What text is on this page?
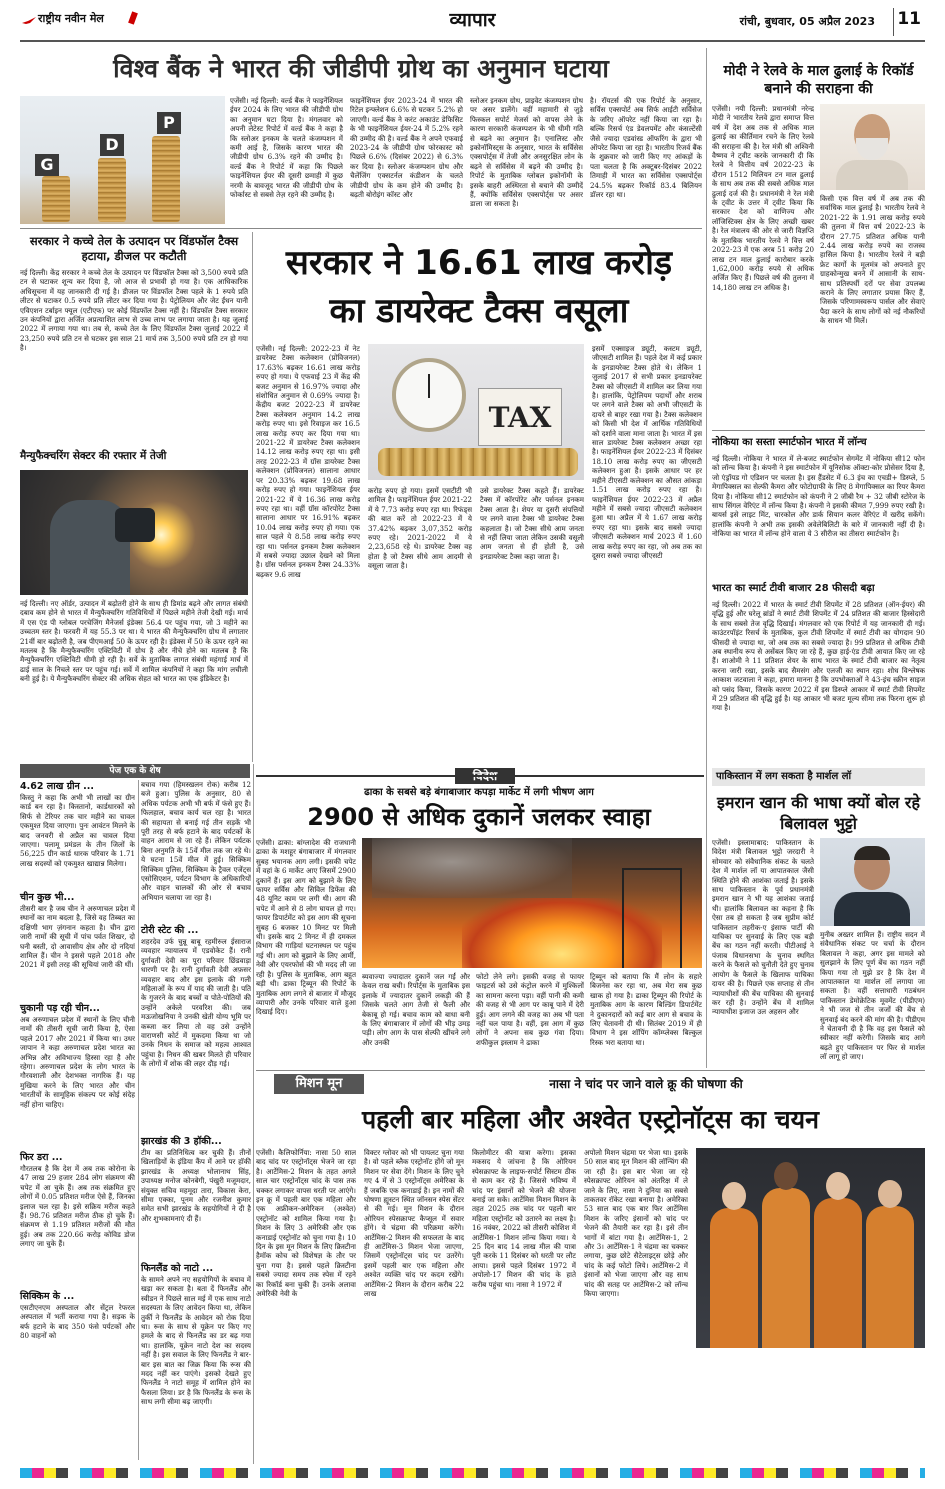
राष्ट्रीय नवीन मेल	व्यापार	रांची, बुधवार, 05 अप्रैल 2023 11
विश्व बैंक ने भारत की जीडीपी ग्रोथ का अनुमान घटाया
G
D
P
एजेंसी। नई दिल्ली: वर्ल्ड बैंक ने फाइनेंशियल ईयर 2024 के लिए भारत की जीडीपी ग्रोथ का अनुमान घटा दिया है। मंगलवार को अपनी लेटेस्ट रिपोर्ट में वर्ल्ड बैंक ने कहा है कि स्लोअर इनकम के चलते कंजम्पशन में कमी आई है, जिसके कारण भारत की जीडीपी ग्रोथ 6.3% रहने की उम्मीद है। वर्ल्ड बैंक ने रिपोर्ट में कहा कि पिछले फाइनेंशियल ईयर की दूसरी छमाही में कुछ नरमी के बावजूद भारत की जीडीपी ग्रोथ के फोर्कास्ट से सबसे तेज़ रहने की उम्मीद है।
फाइनेंशियल ईयर 2023-24 में भारत की रिटेल इन्फ्लेशन 6.6% से घटकर 5.2% हो जाएगी। वर्ल्ड बैंक ने करंट अकाउंट डेफिसिट के भी फाइनेंशियल ईयर-24 में 5.2% रहने की उम्मीद की है। वर्ल्ड बैंक ने अपने एफवाई 2023-24 के जीडीपी ग्रोथ फोरकास्ट को पिछले 6.6% (दिसंबर 2022) से 6.3% कर दिया है। स्लोअर कंजम्पशन ग्रोथ और चैलेंजिंग एक्सटर्नल कंडीशन के चलते जीडीपी ग्रोथ के कम होने की उम्मीद है। बढ़ती बोरोइंग कॉस्ट और
स्लोअर इनकम ग्रोथ, प्राइवेट कंजम्पशन ग्रोथ पर असर डालेंगे। वहीं महामारी से जुड़े फिस्कल सपोर्ट मेजर्स को वापस लेने के कारण सरकारी कंजम्पशन के भी धीमी गति से बढ़ने का अनुमान है। एनालिस्ट और इकोनॉमिस्ट्स के अनुसार, भारत के सर्विसेस एक्सपोर्ट्स में तेजी और अनसुरक्षित लोन के बढ़ने से सर्विसेस में बढ़ने की उम्मीद है। रिपोर्ट के मुताबिक ग्लोबल इकोनॉमी के इसके बाहरी अस्थिरता से बचाने की उम्मीदें हैं, क्योंकि सर्विसेस एक्सपोर्ट्स पर असर डाला जा सकता है।
है। रॉयटर्स की एक रिपोर्ट के अनुसार, सर्विस एक्सपोर्ट अब सिर्फ आईटी सर्विसेज के जरिए ऑपरेट नहीं किया जा रहा है। बल्कि रिसर्च एंड डेवलपमेंट और कंसल्टेंसी जैसे ज्यादा एडवांस्ड ऑफरिंग के द्वारा भी ऑपरेट किया जा रहा है। भारतीय रिजर्व बैंक के शुक्रवार को जारी किए गए आंकड़ों के पता चलता है कि अक्टूबर-दिसंबर 2022 तिमाही में भारत का सर्विसेस एक्सपोर्ट्स 24.5% बढ़कर रिकॉर्ड 83.4 बिलियन डॉलर रहा था।
मोदी ने रेलवे के माल ढुलाई के रिकॉर्ड बनाने की सराहना की
एजेंसी। नयी दिल्ली: प्रधानमंत्री नरेन्द्र मोदी ने भारतीय रेलवे द्वारा समाप्त वित्त वर्ष में देश अब तक से अधिक माल ढुलाई का कीर्तिमान रचने के लिए रेलवे की सराहना की है। रेल मंत्री श्री अश्विनी वैष्णव ने ट्वीट करके जानकारी दी कि रेलवे ने वित्तीय वर्ष 2022-23 के दौरान 1512 मिलियन टन माल ढुलाई के साथ अब तक की सबसे अधिक माल ढुलाई दर्ज की है। प्रधानमंत्री ने रेल मंत्री के ट्वीट के उत्तर में ट्वीट किया कि सरकार देश को वाणिज्य और लॉजिस्टिक्स क्षेत्र के लिए अच्छी खबर है। रेल मंत्रालय की ओर से जारी विज्ञप्ति के मुताबिक भारतीय रेलवे ने वित्त वर्ष 2022-23 में एक अरब 51 करोड़ 20 लाख टन माल ढुलाई कारोबार करके 1,62,000 करोड़ रुपये से अधिक अर्जित किए हैं। पिछले वर्ष की तुलना में 14,180 लाख टन अधिक है।
किसी एक वित्त वर्ष में अब तक की सर्वाधिक माल ढुलाई है। भारतीय रेलवे ने 2021-22 के 1.91 लाख करोड़ रुपये की तुलना में वित्त वर्ष 2022-23 के दौरान 27.75 प्रतिशत अधिक यानी 2.44 लाख करोड़ रुपये का राजस्व हासिल किया है। भारतीय रेलवे ने बड़ी फ्रेट कार्गो के मूलमंत्र को अपनाते हुए ग्राहकोन्मुख बनने में आसानी के साथ-साथ प्रतिस्पर्धी दरों पर सेवा उपलब्ध कराने के लिए लगातार प्रयास किए हैं, जिसके परिणामस्वरूप पार्सल और सेवाएं पैदा करने के साथ लोगों को नई नौकरियों के साधन भी मिलें।
सरकार ने कच्चे तेल के उत्पादन पर विंडफॉल टैक्स हटाया, डीजल पर कटौती
नई दिल्ली। केंद्र सरकार ने कच्चे तेल के उत्पादन पर विंडफॉल टैक्स को 3,500 रुपये प्रति टन से घटाकर शून्य कर दिया है, जो आज से प्रभावी हो गया है। एक आधिकारिक अधिसूचना में यह जानकारी दी गई है। डीजल पर विंडफॉल टैक्स पहले के 1 रुपये प्रति लीटर से घटाकर 0.5 रुपये प्रति लीटर कर दिया गया है। पेट्रोलियम और जेट ईंधन यानी एविएशन टर्बाइन फ्यूल (एटीएफ) पर कोई विंडफॉल टैक्स नहीं है। विंडफॉल टैक्स सरकार उन कंपनियों द्वारा अर्जित अप्रत्याशित लाभ से उच्च लाभ पर लगाया जाता है। यह जुलाई 2022 में लगाया गया था। तब से, कच्चे तेल के लिए विंडफॉल टैक्स जुलाई 2022 में 23,250 रुपये प्रति टन से घटकर इस साल 21 मार्च तक 3,500 रुपये प्रति टन हो गया है।
मैन्युफैक्चरिंग सेक्टर की रफ्तार में तेजी
नई दिल्ली। नए ऑर्डर, उत्पादन में बढ़ोतरी होने के साथ ही डिमांड बढ़ने और लागत संबंधी दबाव कम होने से भारत में मैन्युफैक्चरिंग गतिविधियों में पिछले महीने तेजी देखी गई। मार्च में एस एंड पी ग्लोबल परचेजिंग मैनेजर्स इंडेक्स 56.4 पर पहुंच गया, जो 3 महीने का उच्चतम स्तर है। फरवरी में यह 55.3 पर था। ये भारत की मैन्युफैक्चरिंग ग्रोथ में लगातार 21वीं बार बढ़ोतरी है, जब पीएमआई 50 के ऊपर रही है। इंडेक्स में 50 के ऊपर रहने का मतलब है कि मैन्युफैक्चरिंग एक्टिविटी में ग्रोथ है और नीचे होने का मतलब है कि मैन्युफैक्चरिंग एक्टिविटी धीमी हो रही है। सर्वे के मुताबिक लागत संबंधी महंगाई मार्च में ढाई साल के निचले स्तर पर पहुंच गई। सर्वे में शामिल कंपनियों ने कहा कि मांग लचीली बनी हुई है। ये मैन्युफैक्चरिंग सेक्टर की अधिक सेहत को भारत का एक इंडिकेटर है।
सरकार ने 16.61 लाख करोड़
का डायरेक्ट टैक्स वसूला
एजेंसी। नई दिल्ली: 2022-23 में नेट डायरेक्ट टैक्स कलेक्शन (प्रोविजनल) 17.63% बढ़कर 16.61 लाख करोड़ रुपए हो गया। ये एफवाई 23 में केंद्र की बजट अनुमान से 16.97% ज्यादा और संशोधित अनुमान से 0.69% ज्यादा है। केंद्रीय बजट 2022-23 में डायरेक्ट टैक्स कलेक्शन अनुमान 14.2 लाख करोड़ रुपए था। इसे रिवाइज कर 16.5 लाख करोड़ रुपए कर दिया गया था। 2021-22 में डायरेक्ट टैक्स कलेक्शन 14.12 लाख करोड़ रुपए रहा था। इसी तरह 2022-23 में ग्रॉस डायरेक्ट टैक्स कलेक्शन (प्रोविजनल) सालाना आधार पर 20.33% बढ़कर 19.68 लाख करोड़ रुपए हो गया। फाइनेंशियल ईयर 2021-22 में ये 16.36 लाख करोड़ रुपए रहा था। वहीं ग्रॉस कॉरपोरेट टैक्स सालाना आधार पर 16.91% बढ़कर 10.04 लाख करोड़ रुपए हो गया। एक साल पहले ये 8.58 लाख करोड़ रुपए रहा था। पर्सनल इनकम टैक्स कलेक्शन में सबसे ज्यादा उछाल देखने को मिला है। ग्रॉस पर्सनल इनकम टैक्स 24.33% बढ़कर 9.6 लाख
TAX
करोड़ रुपए हो गया। इसमें एसटीटी भी शामिल है। फाइनेंशियल ईयर 2021-22 में ये 7.73 करोड़ रुपए रहा था। रिफंड्स की बात करें तो 2022-23 में ये 37.42% बढ़कर 3,07,352 करोड़ रुपए रहे। 2021-2022 में ये 2,23,658 रहे थे। डायरेक्ट टैक्स वह होता है जो टैक्स सीधे आम आदमी से वसूला जाता है।
उसे डायरेक्ट टैक्स कहते हैं। डायरेक्ट टैक्स में कॉरपोरेट और पर्सनल इनकम टैक्स आता है। शेयर या दूसरी संपत्तियों पर लगने वाला टैक्स भी डायरेक्ट टैक्स कहलाता है। जो टैक्स सीधे आम जनता से नहीं लिया जाता लेकिन उसकी वसूली आम जनता से ही होती है, उसे इनडायरेक्ट टैक्स कहा जाता है।
इसमें एक्साइज ड्यूटी, कस्टम ड्यूटी, जीएसटी शामिल हैं। पहले देश में कई प्रकार के इनडायरेक्ट टैक्स होते थे। लेकिन 1 जुलाई 2017 से सभी प्रकार इनडायरेक्ट टैक्स को जीएसटी में शामिल कर लिया गया है। हालांकि, पेट्रोलियम पदार्थों और शराब पर लगने वाले टैक्स को अभी जीएसटी के दायरे से बाहर रखा गया है। टैक्स कलेक्शन को किसी भी देश में आर्थिक गतिविधियों को दर्शाने वाला माना जाता है। भारत में इस साल डायरेक्ट टैक्स कलेक्शन अच्छा रहा है। फाइनेंशियल ईयर 2022-23 में दिसंबर 18.10 लाख करोड़ रुपए का जीएसटी कलेक्शन हुआ है। इसके आधार पर हर महीने टीएसटी कलेक्शन का औसत आंकड़ा 1.51 लाख करोड़ रुपए रहा है। फाइनेंशियल ईयर 2022-23 में अप्रैल महीने में सबसे ज्यादा जीएसटी कलेक्शन हुआ था। अप्रैल में ये 1.67 लाख करोड़ रुपए रहा था। इसके बाद सबसे ज्यादा जीएसटी कलेक्शन मार्च 2023 में 1.60 लाख करोड़ रुपए का रहा, जो अब तक का दूसरा सबसे ज्यादा जीएसटी
नोकिया का सस्ता स्मार्टफोन भारत में लॉन्च
नई दिल्ली। नोकिया ने भारत में ले-बजट स्मार्टफोन सेगमेंट में नोकिया सी12 फोन को लॉन्च किया है। कंपनी ने इस स्मार्टफोन में यूनिसोक ऑक्टा-कोर प्रोसेसर दिया है, जो एंड्रॉयड गो एडिशन पर चलता है। इस हैंडसेट में 6.3 इंच का एचडी+ डिस्प्ले, 5 मेगापिक्सल का सेल्फी कैमरा और फोटोग्राफी के लिए 8 मेगापिक्सल का रियर कैमरा दिया है। नोकिया सी12 स्मार्टफोन को कंपनी ने 2 जीबी रैम + 32 जीबी स्टोरेज के साथ सिंगल वेरिएंट में लॉन्च किया है। कंपनी ने इसकी कीमत 7,999 रुपए रखी है। बायर्स इसे लाइट मिंट, चारकोल और डार्क सियान कलर वेरिएंट में खरीद सकेंगे। हालांकि कंपनी ने अभी तक इसकी अवेलेबिलिटी के बारे में जानकारी नहीं दी है। नोकिया का भारत में लॉन्च होने वाला ये 3 सीरीज का तीसरा स्मार्टफोन है।
भारत का स्मार्ट टीवी बाजार 28 फीसदी बढ़ा
नई दिल्ली। 2022 में भारत के स्मार्ट टीवी शिपमेंट में 28 प्रतिशत (ऑन-ईयर) की वृद्धि हुई और घरेलू ब्रांडों ने स्मार्ट टीवी शिपमेंट में 24 प्रतिशत की बाजार हिस्सेदारी के साथ सबसे तेज वृद्धि दिखाई। मंगलवार को एक रिपोर्ट में यह जानकारी दी गई। काउंटरपॉइंट रिसर्च के मुताबिक, कुल टीवी शिपमेंट में स्मार्ट टीवी का योगदान 90 फीसदी से ज्यादा था, जो अब तक का सबसे ज्यादा है। 99 प्रतिशत से अधिक टीवी अब स्थानीय रूप से असेंबल किए जा रहे हैं, कुछ हाई-एंड टीवी आयात किए जा रहे हैं। शाओमी ने 11 प्रतिशत शेयर के साथ भारत के स्मार्ट टीवी बाजार का नेतृत्व करना जारी रखा, इसके बाद सैमसंग और एलजी का स्थान रहा। शोध विश्लेषक आकाश जटवाला ने कहा, हमारा मानना है कि उपभोक्ताओं ने 43-इंच स्क्रीन साइज को पसंद किया, जिसके कारण 2022 में इस डिस्प्ले आकार में स्मार्ट टीवी शिपमेंट में 29 प्रतिशत की वृद्धि हुई है। यह आकार भी बजट मूल्य सीमा तक फिरना शुरू हो गया है।
पेज एक के शेष
4.62 लाख ग्रीन ...
किस्तु ने कहा कि अभी भी लाखों का ग्रीन कार्ड बन रहा है। किस्तानो, कार्डधारकों को सिर्फ से टेरियर तक चार महीने का चावल एकमुश्त दिया जाएगा। पुनः आवंटन मिलने के बाद जनवरी से अप्रैल का चावल दिया जाएगा। पलामू प्रमंडल के तीन जिलों के 56,225 ग्रीन कार्ड धारक परिवार के 1.71 लाख सदस्यों को एकमुश्त खाद्यान्न मिलेगा।
चीन कुछ भी...
तीसरी बार है जब चीन ने अरुणाचल प्रदेश में स्थानों का नाम बदला है, जिसे वह तिब्बत का दक्षिणी भाग ज़ंगनान कहता है। चीन द्वारा जारी नामों की सूची में पांच पर्वत शिखर, दो घनी बस्ती, दो आवासीय क्षेत्र और दो नदियां शामिल हैं। चीन ने इससे पहले 2018 और 2021 में इसी तरह की सूचियां जारी की थीं।
चुकानी पड़ रही चीन...
अब अरुणाचल प्रदेश में स्थानों के लिए चीनी नामों की तीसरी सूची जारी किया है, ऐसा पहले 2017 और 2021 में किया था। उधर जापान ने कहा अरुणाचल प्रदेश भारत का अभिन्न और अविभाज्य हिस्सा रहा है और रहेगा। अरुणाचल प्रदेश के लोग भारत के गौरवशाली और देशभक्त नागरिक हैं। यह मुखिया करने के लिए भारत और चीन भारतीयों के सामूहिक संकल्प पर कोई संदेह नहीं होना चाहिए।
फिर डरा ...
गौरतलब है कि देश में अब तक कोरोना के 47 लाख 29 हजार 284 लोग संक्रमण की चपेट में आ चुके हैं। अब तक संक्रमित हुए लोगों में 0.05 प्रतिशत मरीज ऐसे हैं, जिनका इलाज चल रहा है। इसे सक्रिय मरीज कहते हैं। 98.76 प्रतिशत मरीज ठीक हो चुके हैं। संक्रमण से 1.19 प्रतिशत मरीजों की मौत हुई। अब तक 220.66 करोड़ कोविड डोज लगाए जा चुके हैं।
सिक्किम के ...
एसटीएनएम अस्पताल और सेंट्रल रेफरल अस्पताल में भर्ती कराया गया है। सड़क के बर्फ हटाने के बाद 350 फंसे पर्यटकों और 80 वाहनों को
बचाव गया (हिमस्खलन रोक) करीब 12 बजे हुआ। पुलिस के अनुसार, 80 से अधिक पर्यटक अभी भी बर्फ में फंसे हुए हैं। फिलहाल, बचाव कार्य चल रहा है। भारत की सहायता से बनाई गई तीन सड़कें भी पूरी तरह से बर्फ हटाने के बाद पर्यटकों के वाहन आराम से जा रहे हैं। लेकिन पर्यटक बिना अनुमति के 15वें मील तक जा रहे थे। ये घटना 15वें मील में हुई। सिक्किम सिक्किम पुलिस, सिक्किम के ट्रैवल एजेंट्स एसोसिएशन, पर्यटन विभाग के अधिकारियों और वाहन चालकों की ओर से बचाव अभियान चलाया जा रहा है।
टोरी स्टेट की ...
शहरदेव उर्फ चुन्नू बाबू रहमीरुल ईसाराज व्यवहार न्यायालय में एडवोकेट हैं। रानी दुर्गावती देवी का पूरा परिवार छिंडवाड़ा धारणी पर है। रानी दुर्गावती देवी अफ़सर व्यवहार बाद और इस इलाके की गली महिलाओं के रूप में याद की जाती है। पति के गुजरने के बाद बच्चों व पोते-पोतियों की उन्होंने अकेले परवरिश की। जब मऊजोखनिया ने उनकी खेती योग्य भूमि पर कब्जा कर लिया तो वह उसे उन्होंने वाराणसी कोर्ट में मुकदमा किया था जो उनके निधन के समाज को महत्व आश्वत पहुंचा है। निधन की खबर मिलते ही परिवार के लोगों में शोक की लहर दौड़ गई।
झारखंड की 3 हॉकी...
टीम का प्रतिनिधित्व कर चुकी हैं। तीनों खिलाड़ियों के इंडिया कैंप में आने पर हॉकी झारखंड के अध्यक्ष भोलानाथ सिंह, उपाध्यक्ष मनोज कोनबेगी, पंखुरी मजूमदार, संयुक्त सचिव महमूदा तारा, विकास केरा, सीमा एक्का, पूनम और रजनीश कुमार समेत सभी झारखंड के सहयोगियों ने दी है और शुभकामनाएं दी हैं।
फिनलैंड को नाटो ...
के सामने अपने नए सहयोगियों के बचाव में खड़ा कर सकता है। बता दें फिनलैंड और स्वीडन ने पिछले साल मई में एक साथ नाटो सदस्यता के लिए आवेदन किया था, लेकिन तुर्की ने फिनलैंड के आवेदन को रोक दिया था। रूस के साथ से यूक्रेन पर किए गए हमले के बाद से फिनलैंड का डर बढ़ गया था। हालांकि, यूक्रेन नाटो देश का सदस्य नहीं है। इस सवाल के लिए फिनलैंड ने बार-बार इस बात का जिक्र किया कि रूस की मदद नहीं कर पाएंगे। इसको देखते हुए फिनलैंड ने नाटो समूह में शामिल होने का फैसला लिया। डर है कि फिनलैंड के रूस के साथ लगी सीमा बढ़ जाएगी।
ढाका के सबसे बड़े बंगाबाजार कपड़ा मार्केट में लगी भीषण आग
2900 से अधिक दुकानें जलकर स्वाहा
एजेंसी। ढाका: बांग्लादेश की राजधानी ढाका के मशहूर बंगाबाजार में मंगलवार सुबह भयानक आग लगी। इसकी चपेट में वहां के 6 मार्केट आए जिसमें 2900 दुकानें हैं। इस आग को बुझाने के लिए फायर सर्विस और सिविल डिफेंस की 48 यूनिट काम पर लगी थी। आग की चपेट में आने से 8 लोग घायल हो गए। फायर डिपार्टमेंट को इस आग की सूचना सुबह 6 बजकर 10 मिनट पर मिली थी। इसके बाद 2 मिनट में ही दमकल विभाग की गाड़ियां घटनास्थल पर पहुंच गई थी। आग को बुझाने के लिए आर्मी, नेवी और एयरफोर्स की भी मदद ली जा रही है। पुलिस के मुताबिक, आग बहुत बड़ी थी। ढाका ट्रिब्यून की रिपोर्ट के मुताबिक आग लगने से बाजार में मौजूद व्यापारी और उनके परिवार वाले हुआ दिखाई दिए।
ब्यवाज्या ज्यादातर दुकानें जल गईं और केवल राख बची। रिपोर्ट्स के मुताबिक इस इलाके में ज्यादातर दुकानें लकड़ी की हैं जिसके चलते आग तेजी से फैली और बेकाबू हो गई। बचाव काम को बाधा बनी के लिए बंगाबाजार में लोगों की भीड़ उमड़ पड़ी। लोग आग के पास सेल्फी खींचने लगे और उनकी
फोटो लेने लगे। इसकी वजह से फायर फाइटर्स को उसे कंट्रोल करने में मुश्किलों का सामना करना पड़ा। वहीं पानी की कमी की वजह से भी आग पर काबू पाने में देरी हुई। आग लगने की वजह का अब भी पता नहीं चल पाया है। वहीं, इस आग में कुछ लोगों ने अपना सब कुछ गंवा दिया। शफीकुल इस्लाम ने ढाका
ट्रिब्यून को बताया कि मैं लोन के सहारे बिजनेस कर रहा था, अब मेरा सब कुछ खाक हो गया है। ढाका ट्रिब्यून की रिपोर्ट के मुताबिक आग के कारण बिल्डिंग डिपार्टमेंट ने दुकानदारों को कई बार आग से बचाव के लिए चेतावनी दी थी। सितंबर 2019 में ही विभाग ने इस शॉपिंग कॉम्प्लेक्स बिल्कुल रिस्क भरा बताया था।
पाकिस्तान में लग सकता है मार्शल लॉ
इमरान खान की भाषा क्यों बोल रहे बिलावल भुट्टो
एजेंसी। इस्लामाबाद: पाकिस्तान के विदेश मंत्री बिलावल भुट्टो जरदारी ने सोमवार को संवैधानिक संकट के चलते देश में मार्शल लॉ या आपातकाल जैसी स्थिति होने की आशंका जताई है। इसके साथ पाकिस्तान के पूर्व प्रधानमंत्री इमरान खान ने भी यह आशंका जताई थी। हालांकि बिलावल का कहना है कि ऐसा तब हो सकता है जब सुप्रीम कोर्ट पाकिस्तान तहरीक-ए इंसाफ पार्टी की याचिका पर सुनवाई के लिए एक बड़ी बेंच का गठन नहीं करती। पीटीआई ने पंजाब विधानसभा के चुनाव स्थगित करने के फैसले को चुनौती देते हुए चुनाव आयोग के फैसले के खिलाफ याचिका दायर की है। पिछले एक सप्ताह से तीन न्यायाधीशों की बेंच याचिका की सुनवाई कर रही है। उन्होंने बेंच में शामिल न्यायाधीश इजाज उल अहसन और
मुनीब अख्तर शामिल हैं। राष्ट्रीय सदन में संवैधानिक संकट पर चर्चा के दौरान बिलावल ने कहा, अगर इस मामले को सुलझाने के लिए पूर्ण बेंच का गठन नहीं किया गया तो मुझे डर है कि देश में आपातकाल या मार्शल लॉ लगाया जा सकता है। वहीं सत्ताधारी गठबंधन पाकिस्तान डेमोक्रेटिक मूवमेंट (पीडीएम) ने भी जज से तीन जजों की बेंच से सुनवाई बंद करने की मांग की है। पीडीएम ने चेतावनी दी है कि वह इस फैसले को स्वीकार नहीं करेगी। जिसके बाद आगे बढ़ते हुए पाकिस्तान पर फिर से मार्शल लॉ लागू हो जाए।
मिशन मून	नासा ने चांद पर जाने वाले क्रू की घोषणा की
पहली बार महिला और अश्वेत एस्ट्रोनॉट्स का चयन
एजेंसी। कैलिफोर्निया: नासा 50 साल बाद चांद पर एस्ट्रोनॉट्स भेजने जा रहा है। आर्टेमिस-2 मिशन के तहत अगले साल चार एस्ट्रोनॉट्स चांद के पास तक चक्कर लगाकर वापस धरती पर आएंगे। इन क्रू में पहली बार एक महिला और एक अफ्रीकन-अमेरिकन (अश्वेत) एस्ट्रोनॉट को शामिल किया गया है। मिशन के लिए 3 अमेरिकी और एक कनाडाई एस्ट्रोनॉट को चुना गया है। 10 दिन के इस मून मिशन के लिए क्रिस्टीना हैमॉक कोच को विशेषज्ञ के तौर पर चुना गया है। इससे पहले क्रिस्टीना सबसे ज्यादा समय तक स्पेस में रहने का रिकॉर्ड बना चुकी हैं। उनके अलावा अमेरिकी नेवी के
विक्टर ग्लोवर को भी पायलट चुना गया है। वो पहले ब्लैक एस्ट्रोनॉट होंगे जो मून मिशन पर सेवा देंगे। मिशन के लिए चुने गए 4 में से 3 एस्ट्रोनॉट्स अमेरिका के हैं जबकि एक कनाडाई है। इन नामों की घोषणा ह्यूस्टन स्थित जॉनसन स्पेस सेंटर से की गई। मून मिशन के दौरान ओरियन स्पेसक्राफ्ट कैप्सूल में सवार होंगे। ये चंद्रमा की परिक्रमा करेंगे। आर्टेमिस-2 मिशन की सफलता के बाद ही आर्टेमिस-3 मिशन भेजा जाएगा, जिसमें एस्ट्रोनॉट्स चांद पर उतरेंगे। इसमें पहली बार एक महिला और अश्वेत व्यक्ति चांद पर कदम रखेंगे। आर्टेमिस-2 मिशन के दौरान करीब 22 लाख
किलोमीटर की यात्रा करेगा। इसका मकसद ये जांचना है कि ओरियन स्पेसक्राफ्ट के लाइफ-सपोर्ट सिस्टम ठीक से काम कर रहे हैं। जिससे भविष्य में चांद पर इंसानों को भेजने की योजना बनाई जा सके। आर्टेमिस मिशन मिशन के तहत 2025 तक चांद पर पहली बार महिला एस्ट्रोनॉट को उतारने का लक्ष्य है। 16 नवंबर, 2022 को तीसरी कोशिश में आर्टेमिस-1 मिशन लॉन्च किया गया। ये 25 दिन बाद 14 लाख मील की यात्रा पूरी करके 11 दिसंबर को धरती पर लौट आया। इससे पहले दिसंबर 1972 में अपोलो-17 मिशन की चांद के हाते करीब पहुंचा था। नासा ने 1972 में
अपोलो मिशन चंद्रमा पर भेजा था। इसके 50 साल बाद मून मिशन की लॉन्चिंग की जा रही है। इस बार भेजा जा रहे स्पेसक्राफ्ट ओरियन को अंतरिक्ष में ले जाने के लिए, नासा ने दुनिया का सबसे ताकतवर रॉकेट रखा बनाया है। अमेरिका 53 साल बाद एक बार फिर आर्टेमिस मिशन के जरिए इंसानों को चांद पर भेजने की तैयारी कर रहा है। इसे तीन भागों में बांटा गया है। आर्टेमिस-1, 2 और 3। आर्टेमिस-1 ने चंद्रमा का चक्कर लगाया, कुछ छोटे सैटेलाइट्स छोड़े और चांद के कई फोटो लिये। आर्टेमिस-2 में इंसानों को भेजा जाएगा और वह साथ चांद की सतह पर आर्टेमिस-2 को लॉन्च किया जाएगा।
